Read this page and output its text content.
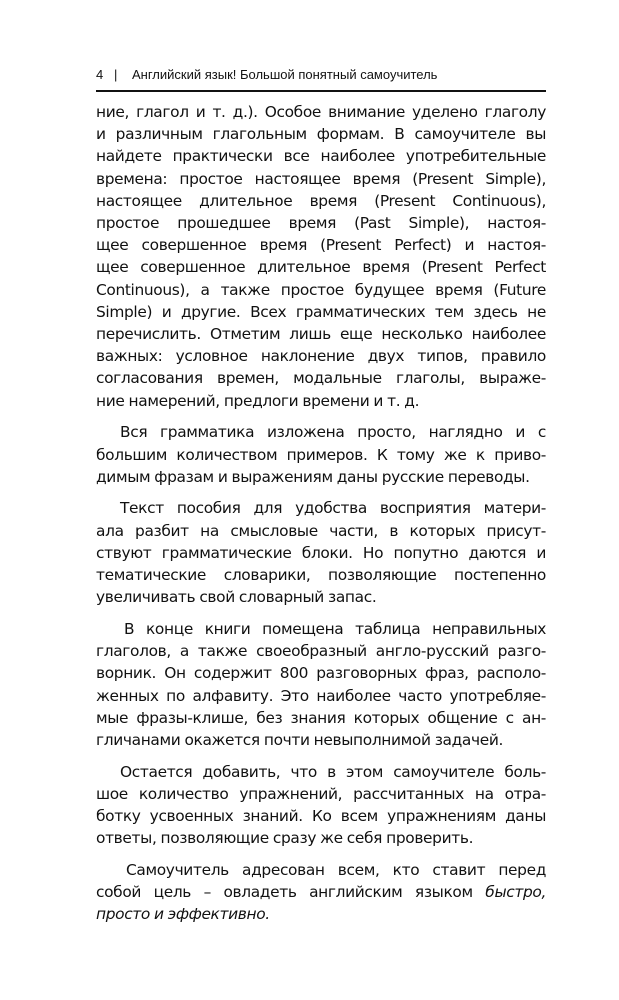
4 | Английский язык! Большой понятный самоучитель

ние, глагол и т. д.). Особое внимание уделено глаголу
и различным глагольным формам. В самоучителе вы
найдете практически все наиболее употребительные
времена: простое настоящее время (Present Simple),
настоящее длительное время (Present Continuous),
простое прошедшее время (Past Simple), настоя-
щее совершенное время (Present Perfect) и настоя-
щее совершенное длительное время (Present Perfect
Continuous), а также простое будущее время (Future
Simple) и другие. Всех грамматических тем здесь не
перечислить. Отметим лишь еще несколько наиболее
важных: условное наклонение двух типов, правило
согласования времен, модальные глаголы, выраже-
ние намерений, предлоги времени и т. д.

Вся грамматика изложена просто, наглядно и с
большим количеством примеров. К тому же к приво-
димым фразам и выражениям даны русские переводы.

Текст пособия для удобства восприятия матери-
ала разбит на смысловые части, в которых присут-
ствуют грамматические блоки. Но попутно даются и
тематические словарики, позволяющие постепенно
увеличивать свой словарный запас.

В конце книги помещена таблица неправильных
глаголов, а также своеобразный англо-русский разго-
ворник. Он содержит 800 разговорных фраз, располо-
женных по алфавиту. Это наиболее часто употребляе-
мые фразы-клише, без знания которых общение с ан-
гличанами окажется почти невыполнимой задачей.

Остается добавить, что в этом самоучителе боль-
шое количество упражнений, рассчитанных на отра-
ботку усвоенных знаний. Ко всем упражнениям даны
ответы, позволяющие сразу же себя проверить.

Самоучитель адресован всем, кто ставит перед
собой цель – овладеть английским языком быстро,
просто и эффективно.
